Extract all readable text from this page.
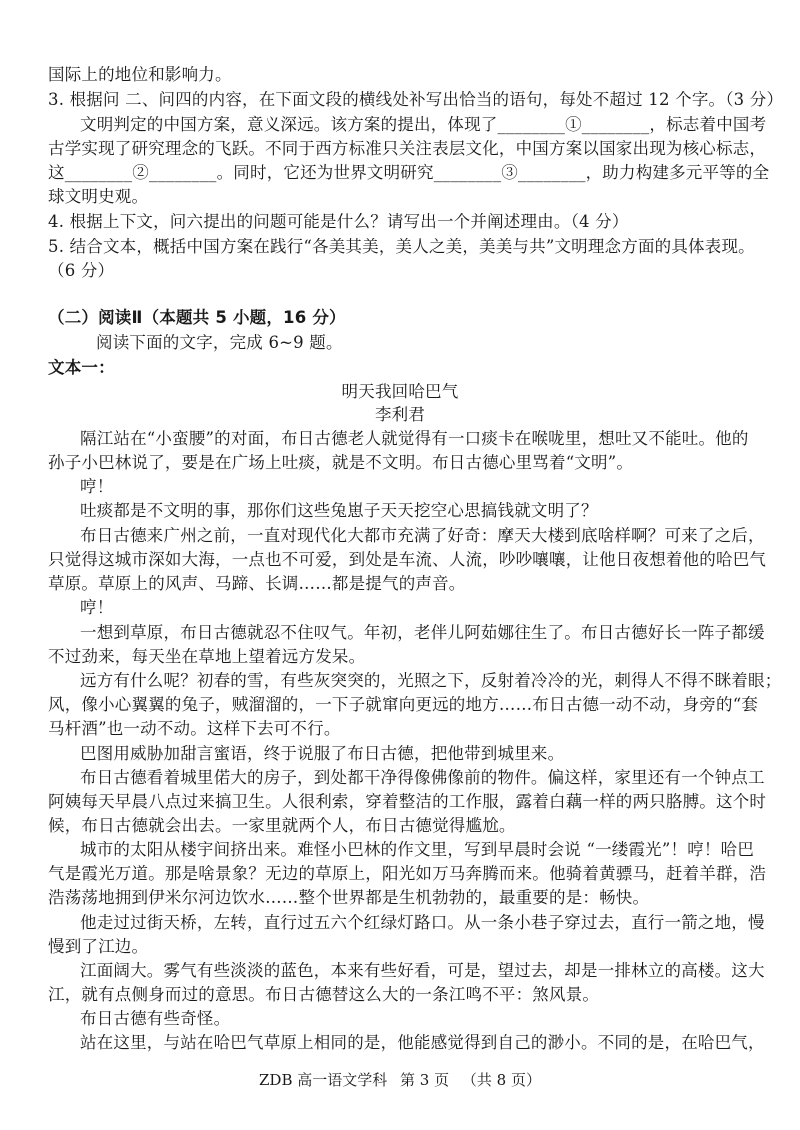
国际上的地位和影响力。
3. 根据问 二、问四的内容，在下面文段的横线处补写出恰当的语句，每处不超过 12 个字。（3 分）
文明判定的中国方案，意义深远。该方案的提出，体现了________①________，标志着中国考
古学实现了研究理念的飞跃。不同于西方标准只关注表层文化，中国方案以国家出现为核心标志，
这________②________。同时，它还为世界文明研究________③________，助力构建多元平等的全
球文明史观。
4. 根据上下文，问六提出的问题可能是什么？请写出一个并阐述理由。（4 分）
5. 结合文本，概括中国方案在践行“各美其美，美人之美，美美与共”文明理念方面的具体表现。
（6 分）
（二）阅读Ⅱ（本题共 5 小题，16 分）
阅读下面的文字，完成 6~9 题。
文本一：
明天我回哈巴气
李利君
隔江站在“小蛮腰”的对面，布日古德老人就觉得有一口痰卡在喉咙里，想吐又不能吐。他的
孙子小巴林说了，要是在广场上吐痰，就是不文明。布日古德心里骂着“文明”。
哼！
吐痰都是不文明的事，那你们这些兔崽子天天挖空心思搞钱就文明了？
布日古德来广州之前，一直对现代化大都市充满了好奇：摩天大楼到底啥样啊？可来了之后，
只觉得这城市深如大海，一点也不可爱，到处是车流、人流，吵吵嚷嚷，让他日夜想着他的哈巴气
草原。草原上的风声、马蹄、长调……都是提气的声音。
哼！
一想到草原，布日古德就忍不住叹气。年初，老伴儿阿茹娜往生了。布日古德好长一阵子都缓
不过劲来，每天坐在草地上望着远方发呆。
远方有什么呢？初春的雪，有些灰突突的，光照之下，反射着冷冷的光，刺得人不得不眯着眼；
风，像小心翼翼的兔子，贼溜溜的，一下子就窜向更远的地方……布日古德一动不动，身旁的“套
马杆酒”也一动不动。这样下去可不行。
巴图用威胁加甜言蜜语，终于说服了布日古德，把他带到城里来。
布日古德看着城里偌大的房子，到处都干净得像佛像前的物件。偏这样，家里还有一个钟点工
阿姨每天早晨八点过来搞卫生。人很利索，穿着整洁的工作服，露着白藕一样的两只胳膊。这个时
候，布日古德就会出去。一家里就两个人，布日古德觉得尴尬。
城市的太阳从楼宇间挤出来。难怪小巴林的作文里，写到早晨时会说 “一缕霞光”！哼！哈巴
气是霞光万道。那是啥景象？无边的草原上，阳光如万马奔腾而来。他骑着黄骠马，赶着羊群，浩
浩荡荡地拥到伊米尔河边饮水……整个世界都是生机勃勃的，最重要的是：畅快。
他走过过街天桥，左转，直行过五六个红绿灯路口。从一条小巷子穿过去，直行一箭之地，慢
慢到了江边。
江面阔大。雾气有些淡淡的蓝色，本来有些好看，可是，望过去，却是一排林立的高楼。这大
江，就有点侧身而过的意思。布日古德替这么大的一条江鸣不平：煞风景。
布日古德有些奇怪。
站在这里，与站在哈巴气草原上相同的是，他能感觉得到自己的渺小。不同的是，在哈巴气，
ZDB 高一语文学科 第 3 页 （共 8 页）
